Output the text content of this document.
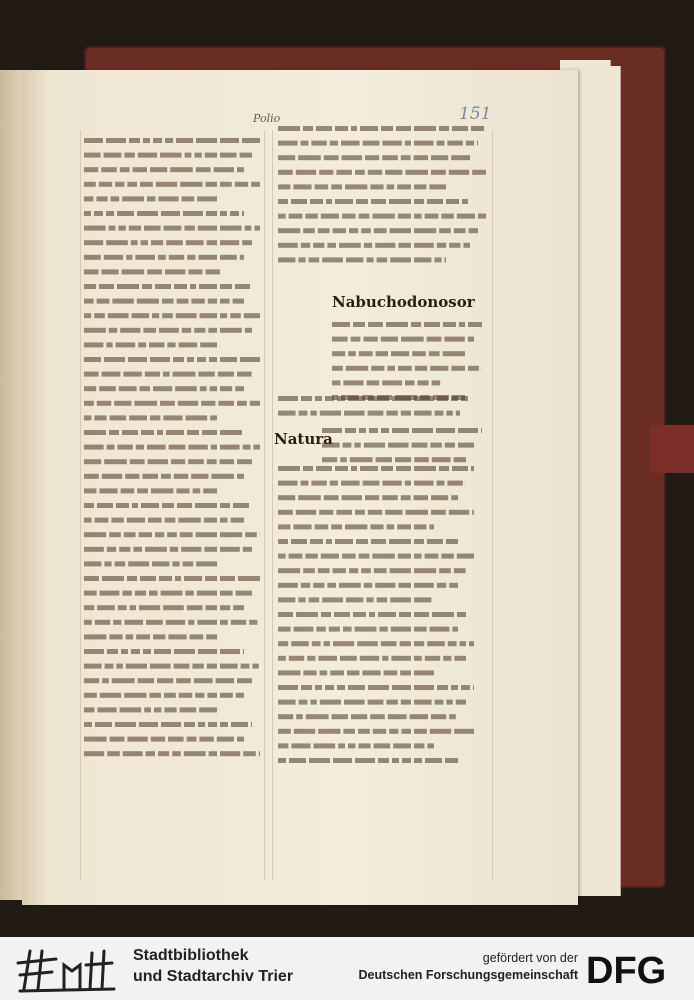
Polio	151
Nabuchodonosor
Natura
Stadtbibliothek
und Stadtarchiv Trier
gefördert von der
Deutschen Forschungsgemeinschaft DFG
